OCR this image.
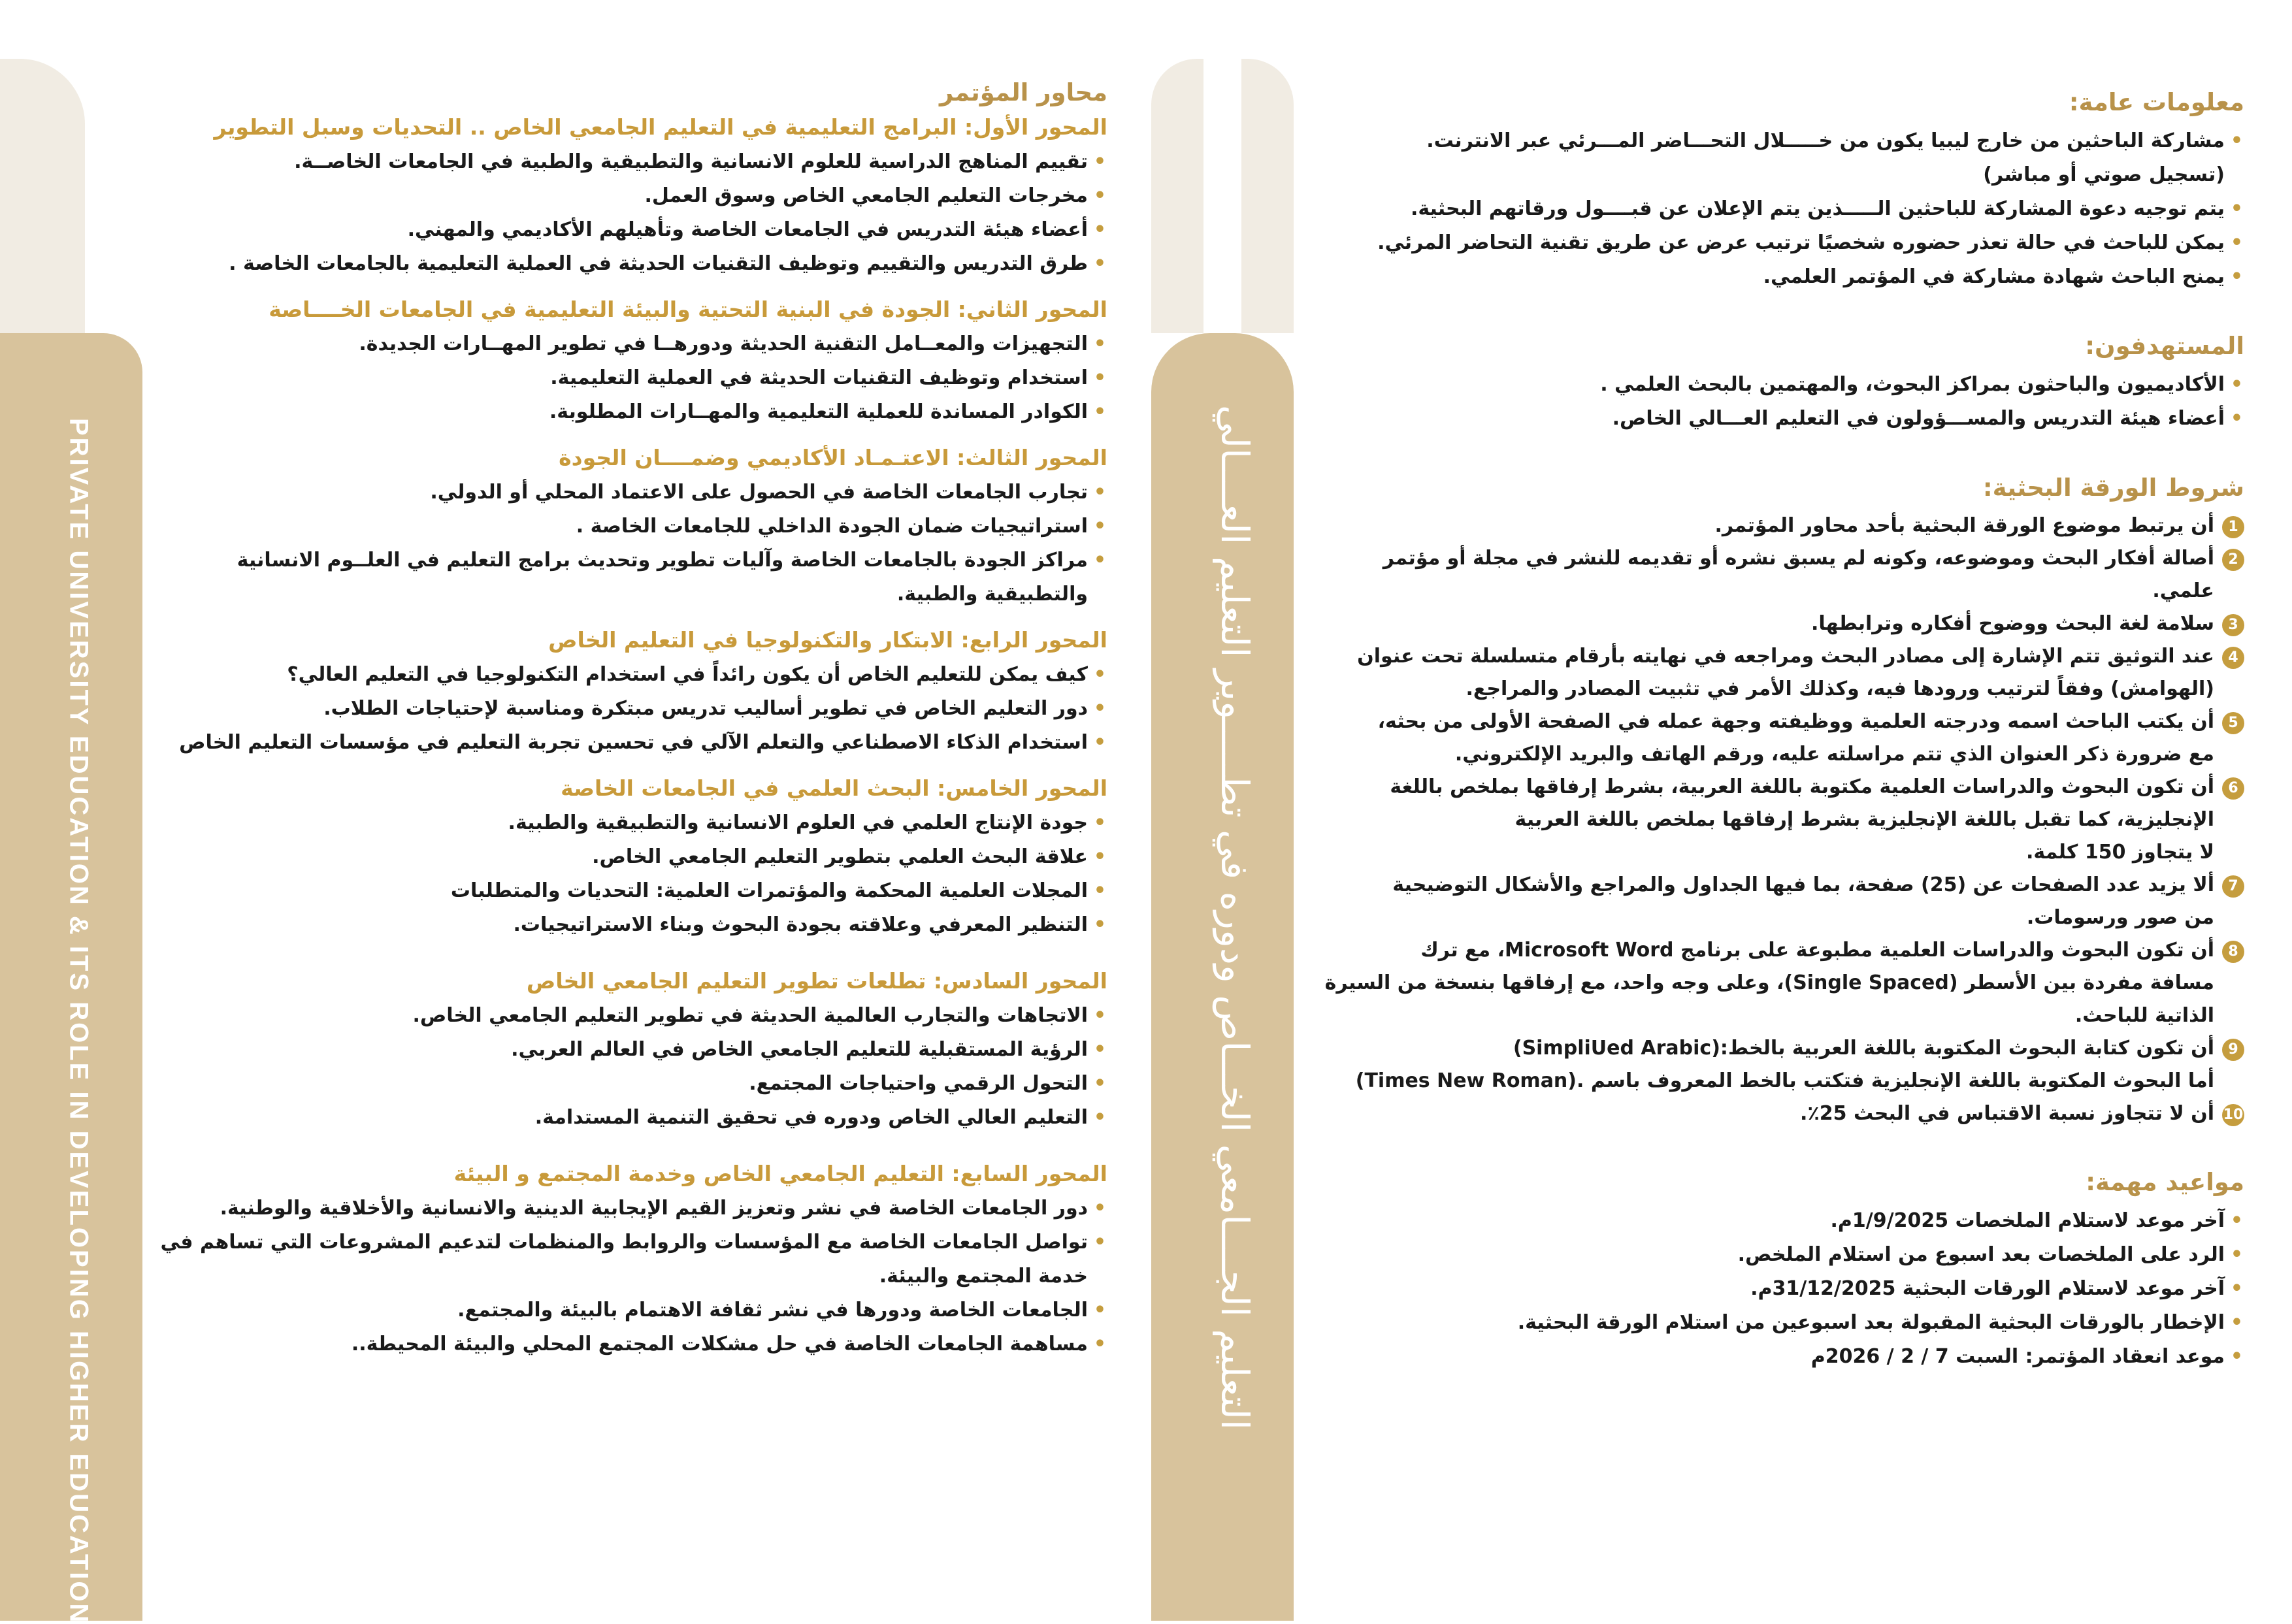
PRIVATE UNIVERSITY EDUCATION & ITS ROLE IN DEVELOPING HIGHER EDUCATION	التعليم الجــــامعي الخـــاص ودوره في تطـــــوير التعليم العــــالي
محاور المؤتمر
المحور الأول: البرامج التعليمية في التعليم الجامعي الخاص .. التحديات وسبل التطوير
• تقييم المناهج الدراسية للعلوم الانسانية والتطبيقية والطبية في الجامعات الخاصــة.
• مخرجات التعليم الجامعي الخاص وسوق العمل.
• أعضاء هيئة التدريس في الجامعات الخاصة وتأهيلهم الأكاديمي والمهني.
• طرق التدريس والتقييم وتوظيف التقنيات الحديثة في العملية التعليمية بالجامعات الخاصة .
المحور الثاني: الجودة في البنية التحتية والبيئة التعليمية في الجامعات الخــــاصة
• التجهيزات والمعــامل التقنية الحديثة ودورهــا في تطوير المهــارات الجديدة.
• استخدام وتوظيف التقنيات الحديثة في العملية التعليمية.
• الكوادر المساندة للعملية التعليمية والمهــارات المطلوبة.
المحور الثالث: الاعتـمـاد الأكاديمي وضمــــان الجودة
• تجارب الجامعات الخاصة في الحصول على الاعتماد المحلي أو الدولي.
• استراتيجيات ضمان الجودة الداخلي للجامعات الخاصة .
• مراكز الجودة بالجامعات الخاصة وآليات تطوير وتحديث برامج التعليم في العلــوم الانسانية
والتطبيقية والطبية.
المحور الرابع: الابتكار والتكنولوجيا في التعليم الخاص
• كيف يمكن للتعليم الخاص أن يكون رائداً في استخدام التكنولوجيا في التعليم العالي؟
• دور التعليم الخاص في تطوير أساليب تدريس مبتكرة ومناسبة لإحتياجات الطلاب.
• استخدام الذكاء الاصطناعي والتعلم الآلي في تحسين تجربة التعليم في مؤسسات التعليم الخاص
المحور الخامس: البحث العلمي في الجامعات الخاصة
• جودة الإنتاج العلمي في العلوم الانسانية والتطبيقية والطبية.
• علاقة البحث العلمي بتطوير التعليم الجامعي الخاص.
• المجلات العلمية المحكمة والمؤتمرات العلمية: التحديات والمتطلبات
• التنظير المعرفي وعلاقته بجودة البحوث وبناء الاستراتيجيات.
المحور السادس: تطلعات تطوير التعليم الجامعي الخاص
• الاتجاهات والتجارب العالمية الحديثة في تطوير التعليم الجامعي الخاص.
• الرؤية المستقبلية للتعليم الجامعي الخاص في العالم العربي.
• التحول الرقمي واحتياجات المجتمع.
• التعليم العالي الخاص ودوره في تحقيق التنمية المستدامة.
المحور السابع: التعليم الجامعي الخاص وخدمة المجتمع و البيئة
• دور الجامعات الخاصة في نشر وتعزيز القيم الإيجابية الدينية والانسانية والأخلاقية والوطنية.
• تواصل الجامعات الخاصة مع المؤسسات والروابط والمنظمات لتدعيم المشروعات التي تساهم في
خدمة المجتمع والبيئة.
• الجامعات الخاصة ودورها في نشر ثقافة الاهتمام بالبيئة والمجتمع.
• مساهمة الجامعات الخاصة في حل مشكلات المجتمع المحلي والبيئة المحيطة..
معلومات عامة:
• مشاركة الباحثين من خارج ليبيا يكون من خـــــلال التحـــاضر المـــرئي عبر الانترنت.
(تسجيل صوتي أو مباشر)
• يتم توجيه دعوة المشاركة للباحثين الـــــذين يتم الإعلان عن قبــــول ورقاتهم البحثية.
• يمكن للباحث في حالة تعذر حضوره شخصيًا ترتيب عرض عن طريق تقنية التحاضر المرئي.
• يمنح الباحث شهادة مشاركة في المؤتمر العلمي.
المستهدفون:
• الأكاديميون والباحثون بمراكز البحوث، والمهتمين بالبحث العلمي .
• أعضاء هيئة التدريس والمســـؤولون في التعليم العـــالي الخاص.
شروط الورقة البحثية:
1
أن يرتبط موضوع الورقة البحثية بأحد محاور المؤتمر.
2
أصالة أفكار البحث وموضوعه، وكونه لم يسبق نشره أو تقديمه للنشر في مجلة أو مؤتمر
علمي.
3
سلامة لغة البحث ووضوح أفكاره وترابطها.
4
عند التوثيق تتم الإشارة إلى مصادر البحث ومراجعه في نهايته بأرقام متسلسلة تحت عنوان
(الهوامش) وفقاً لترتيب ورودها فيه، وكذلك الأمر في تثبيت المصادر والمراجع.
5
أن يكتب الباحث اسمه ودرجته العلمية ووظيفته وجهة عمله في الصفحة الأولى من بحثه،
مع ضرورة ذكر العنوان الذي تتم مراسلته عليه، ورقم الهاتف والبريد الإلكتروني.
6
أن تكون البحوث والدراسات العلمية مكتوبة باللغة العربية، بشرط إرفاقها بملخص باللغة
الإنجليزية، كما تقبل باللغة الإنجليزية بشرط إرفاقها بملخص باللغة العربية
لا يتجاوز 150 كلمة.
7
ألا يزيد عدد الصفحات عن (25) صفحة، بما فيها الجداول والمراجع والأشكال التوضيحية
من صور ورسومات.
8
أن تكون البحوث والدراسات العلمية مطبوعة على برنامج Microsoft Word، مع ترك
مسافة مفردة بين الأسطر (Single Spaced)، وعلى وجه واحد، مع إرفاقها بنسخة من السيرة
الذاتية للباحث.
9
أن تكون كتابة البحوث المكتوبة باللغة العربية بالخط:(SimpliUed Arabic)
أما البحوث المكتوبة باللغة الإنجليزية فتكتب بالخط المعروف باسم .(Times New Roman)
10
أن لا تتجاوز نسبة الاقتباس في البحث 25٪.
مواعيد مهمة:
• آخر موعد لاستلام الملخصات 1/9/2025م.
• الرد على الملخصات بعد اسبوع من استلام الملخص.
• آخر موعد لاستلام الورقات البحثية 31/12/2025م.
• الإخطار بالورقات البحثية المقبولة بعد اسبوعين من استلام الورقة البحثية.
• موعد انعقاد المؤتمر: السبت 7 / 2 / 2026م
